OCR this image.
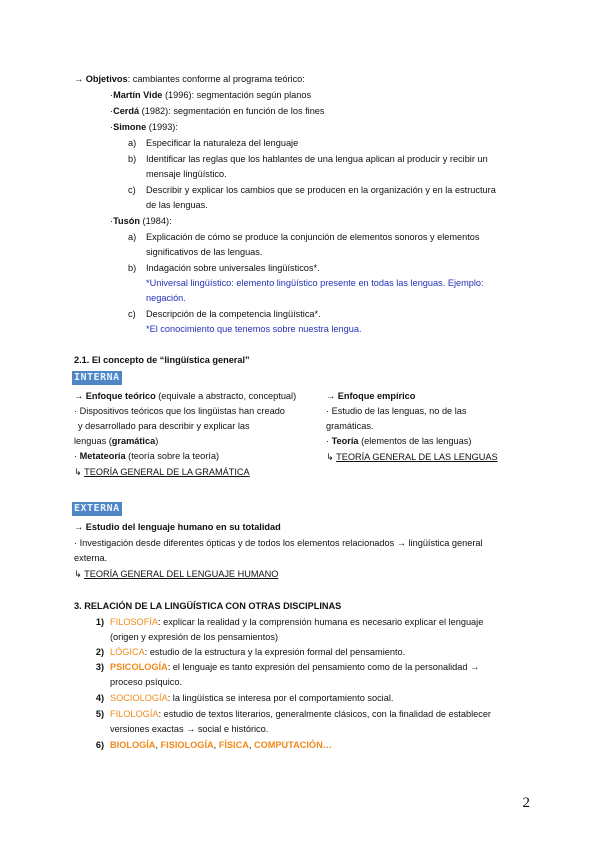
→ Objetivos: cambiantes conforme al programa teórico:
·Martín Vide (1996): segmentación según planos
·Cerdá (1982): segmentación en función de los fines
·Simone (1993):
a) Especificar la naturaleza del lenguaje
b) Identificar las reglas que los hablantes de una lengua aplican al producir y recibir un
mensaje lingüístico.
c) Describir y explicar los cambios que se producen en la organización y en la estructura
de las lenguas.
·Tusón (1984):
a) Explicación de cómo se produce la conjunción de elementos sonoros y elementos
significativos de las lenguas.
b) Indagación sobre universales lingüísticos*.
*Universal lingüístico: elemento lingüístico presente en todas las lenguas. Ejemplo:
negación.
c) Descripción de la competencia lingüística*.
*El conocimiento que tenemos sobre nuestra lengua.
2.1. El concepto de “lingüística general”
INTERNA
→ Enfoque teórico (equivale a abstracto, conceptual)
· Dispositivos teóricos que los lingüistas han creado
y desarrollado para describir y explicar las
lenguas (gramática)
· Metateoría (teoría sobre la teoría)
↳ TEORÍA GENERAL DE LA GRAMÁTICA
→ Enfoque empírico
· Estudio de las lenguas, no de las
gramáticas.
· Teoría (elementos de las lenguas)
↳ TEORÍA GENERAL DE LAS LENGUAS
EXTERNA
→ Estudio del lenguaje humano en su totalidad
· Investigación desde diferentes ópticas y de todos los elementos relacionados → lingüística general
externa.
↳ TEORÍA GENERAL DEL LENGUAJE HUMANO
3. RELACIÓN DE LA LINGÜÍSTICA CON OTRAS DISCIPLINAS
1) FILOSOFÍA: explicar la realidad y la comprensión humana es necesario explicar el lenguaje
(origen y expresión de los pensamientos)
2) LÓGICA: estudio de la estructura y la expresión formal del pensamiento.
3) PSICOLOGÍA: el lenguaje es tanto expresión del pensamiento como de la personalidad →
proceso psíquico.
4) SOCIOLOGÍA: la lingüística se interesa por el comportamiento social.
5) FILOLOGÍA: estudio de textos literarios, generalmente clásicos, con la finalidad de establecer
versiones exactas → social e histórico.
6) BIOLOGÍA, FISIOLOGÍA, FÍSICA, COMPUTACIÓN…
2
